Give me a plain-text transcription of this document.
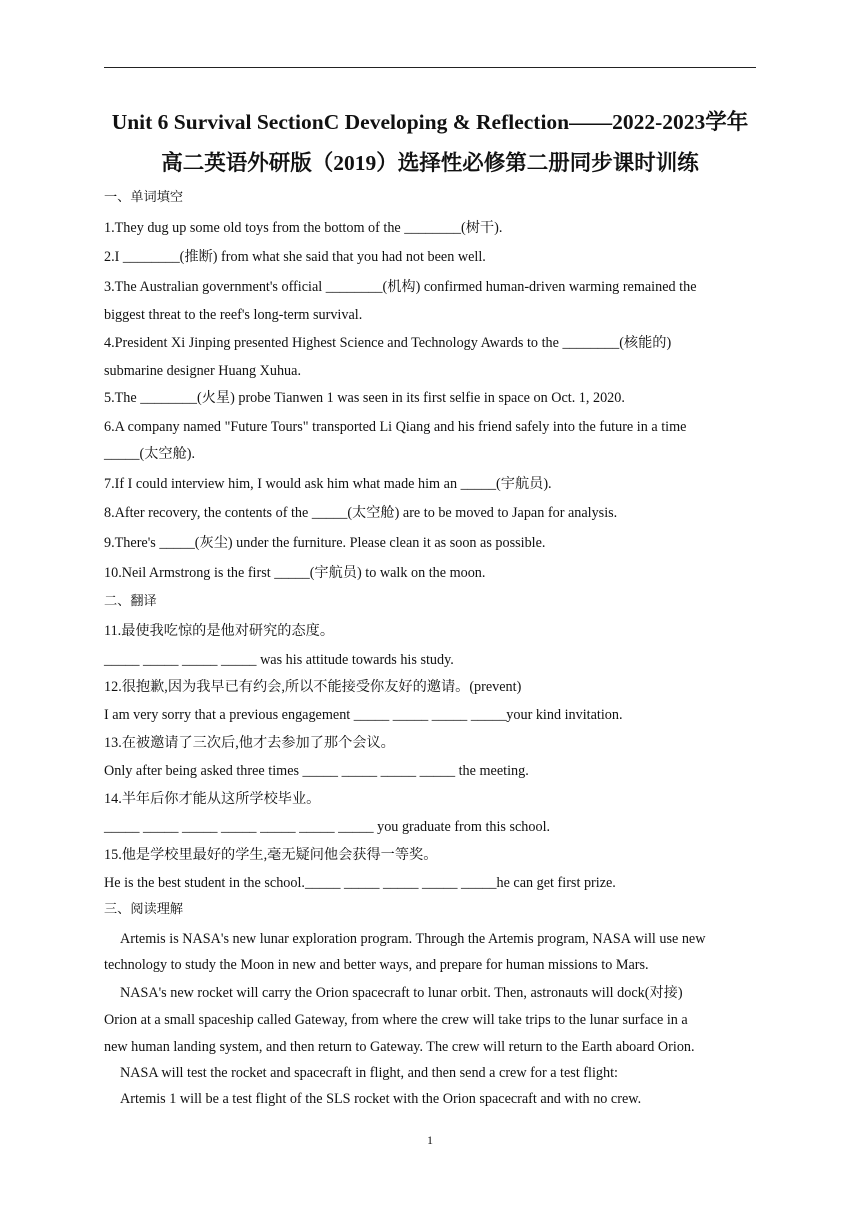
Unit 6 Survival SectionC Developing & Reflection——2022-2023学年
高二英语外研版（2019）选择性必修第二册同步课时训练
一、单词填空
1.They dug up some old toys from the bottom of the ________(树干).
2.I ________(推断) from what she said that you had not been well.
3.The Australian government's official ________(机构) confirmed human-driven warming remained the
biggest threat to the reef's long-term survival.
4.President Xi Jinping presented Highest Science and Technology Awards to the ________(核能的)
submarine designer Huang Xuhua.
5.The ________(火星) probe Tianwen 1 was seen in its first selfie in space on Oct. 1, 2020.
6.A company named "Future Tours" transported Li Qiang and his friend safely into the future in a time
_____(太空舱).
7.If I could interview him, I would ask him what made him an _____(宇航员).
8.After recovery, the contents of the _____(太空舱) are to be moved to Japan for analysis.
9.There's _____(灰尘) under the furniture. Please clean it as soon as possible.
10.Neil Armstrong is the first _____(宇航员) to walk on the moon.
二、翻译
11.最使我吃惊的是他对研究的态度。
_____ _____ _____ _____ was his attitude towards his study.
12.很抱歉,因为我早已有约会,所以不能接受你友好的邀请。(prevent)
I am very sorry that a previous engagement _____ _____ _____ _____your kind invitation.
13.在被邀请了三次后,他才去参加了那个会议。
Only after being asked three times _____ _____ _____ _____ the meeting.
14.半年后你才能从这所学校毕业。
_____ _____ _____ _____ _____ _____ _____ you graduate from this school.
15.他是学校里最好的学生,毫无疑问他会获得一等奖。
He is the best student in the school._____ _____ _____ _____ _____he can get first prize.
三、阅读理解
Artemis is NASA's new lunar exploration program. Through the Artemis program, NASA will use new
technology to study the Moon in new and better ways, and prepare for human missions to Mars.
NASA's new rocket will carry the Orion spacecraft to lunar orbit. Then, astronauts will dock(对接)
Orion at a small spaceship called Gateway, from where the crew will take trips to the lunar surface in a
new human landing system, and then return to Gateway. The crew will return to the Earth aboard Orion.
NASA will test the rocket and spacecraft in flight, and then send a crew for a test flight:
Artemis 1 will be a test flight of the SLS rocket with the Orion spacecraft and with no crew.
1
